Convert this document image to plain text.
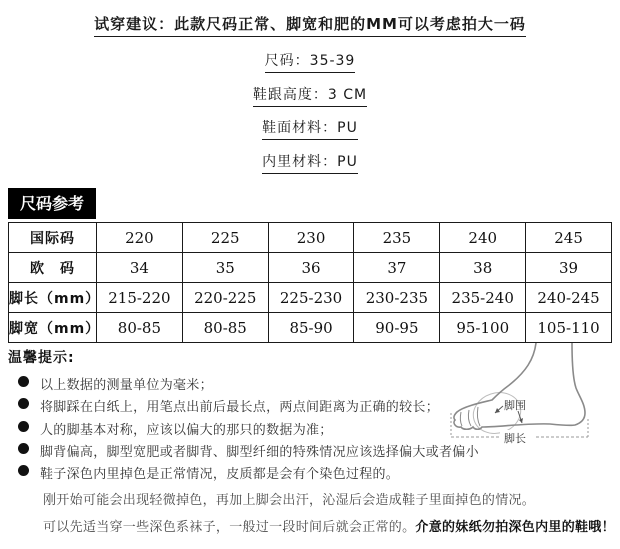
试穿建议：此款尺码正常、脚宽和肥的MM可以考虑拍大一码
尺码：35-39
鞋跟高度：3 CM
鞋面材料：PU
内里材料：PU
尺码参考
国际码	220	225	230	235	240	245
欧　码	34	35	36	37	38	39
脚长（mm）	215-220	220-225	225-230	230-235	235-240	240-245
脚宽（mm）	80-85	80-85	85-90	90-95	95-100	105-110
温馨提示:
以上数据的测量单位为毫米；
将脚踩在白纸上，用笔点出前后最长点，两点间距离为正确的较长；
人的脚基本对称，应该以偏大的那只的数据为准；
脚背偏高，脚型宽肥或者脚背、脚型纤细的特殊情况应该选择偏大或者偏小
鞋子深色内里掉色是正常情况，皮质都是会有个染色过程的。
刚开始可能会出现轻微掉色，再加上脚会出汗，沁湿后会造成鞋子里面掉色的情况。
可以先适当穿一些深色系袜子，一般过一段时间后就会正常的。介意的妹纸勿拍深色内里的鞋哦！
脚围
脚长
